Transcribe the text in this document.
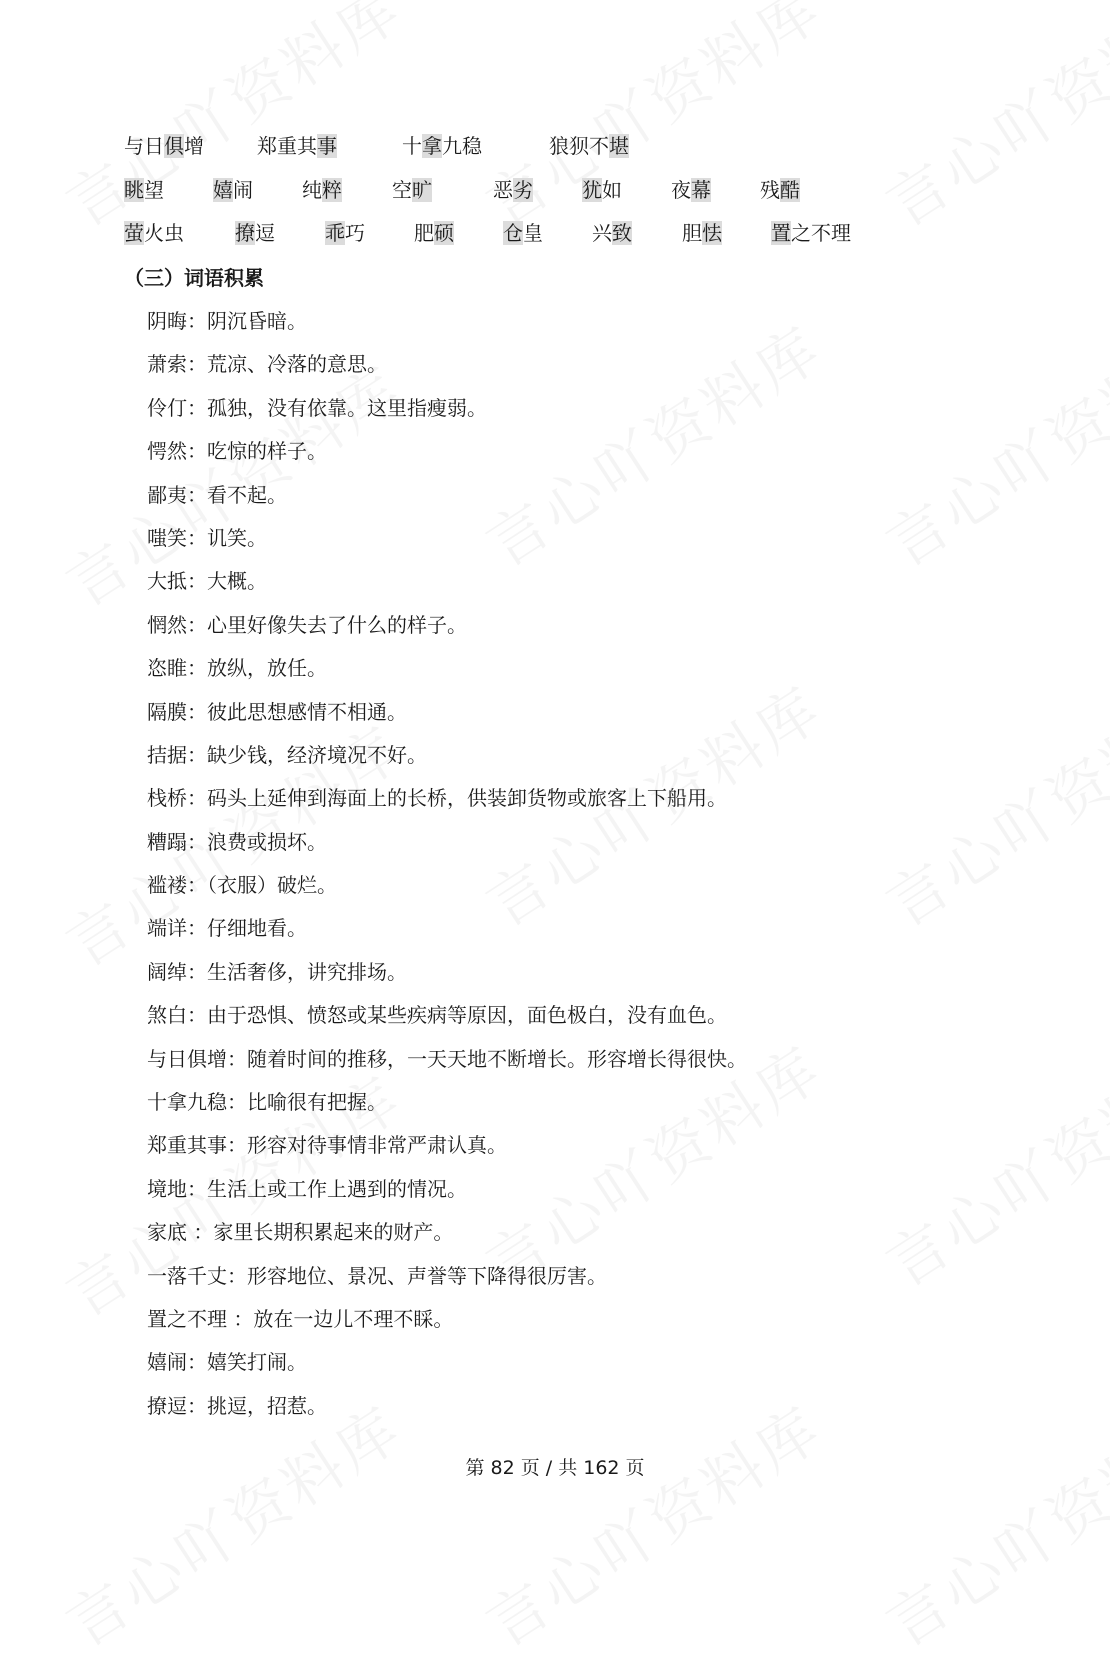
与日俱增	郑重其事	十拿九稳	狼狈不堪
眺望 嬉闹 纯粹	空旷	恶劣 犹如 夜幕 残酷
萤火虫	撩逗	乖巧 肥硕 仓皇 兴致	胆怯 置之不理
（三）词语积累
阴晦：阴沉昏暗。
萧索：荒凉、冷落的意思。
伶仃：孤独，没有依靠。这里指瘦弱。
愕然：吃惊的样子。
鄙夷：看不起。
嗤笑：讥笑。
大抵：大概。
惘然：心里好像失去了什么的样子。
恣睢：放纵，放任。
隔膜：彼此思想感情不相通。
拮据：缺少钱，经济境况不好。
栈桥：码头上延伸到海面上的长桥，供装卸货物或旅客上下船用。
糟蹋：浪费或损坏。
褴褛：（衣服）破烂。
端详：仔细地看。
阔绰：生活奢侈，讲究排场。
煞白：由于恐惧、愤怒或某些疾病等原因，面色极白，没有血色。
与日俱增：随着时间的推移，一天天地不断增长。形容增长得很快。
十拿九稳：比喻很有把握。
郑重其事：形容对待事情非常严肃认真。
境地：生活上或工作上遇到的情况。
家底 ：家里长期积累起来的财产。
一落千丈：形容地位、景况、声誉等下降得很厉害。
置之不理 ：放在一边儿不理不睬。
嬉闹：嬉笑打闹。
撩逗：挑逗，招惹。
第 82 页 / 共 162 页
